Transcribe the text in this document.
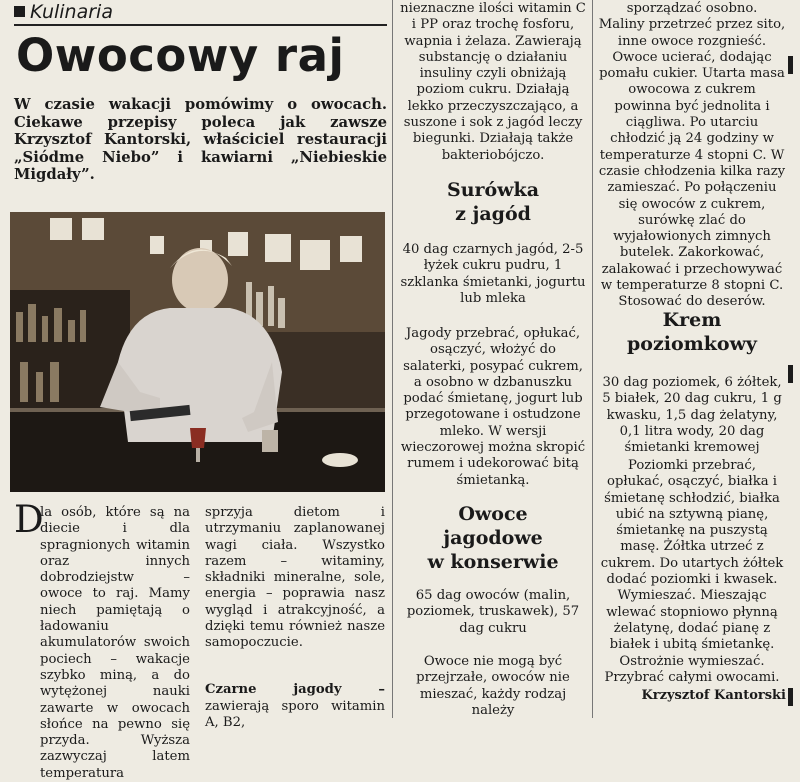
Kulinaria
Owocowy raj
W czasie wakacji pomówimy o owocach. Ciekawe przepisy poleca jak zawsze Krzysztof Kantorski, właściciel restauracji „Siódme Niebo” i kawiarni „Niebieskie Migdały”.
D
la osób, które są na diecie i dla spragnionych witamin oraz innych dobrodziejstw – owoce to raj. Mamy niech pamiętają o ładowaniu akumulatorów swoich pociech – wakacje szybko miną, a do wytężonej nauki zawarte w owocach słońce na pewno się przyda. Wyższa zazwyczaj latem temperatura
sprzyja dietom i utrzymaniu zaplanowanej wagi ciała. Wszystko razem – witaminy, składniki mineralne, sole, energia – poprawia nasz wygląd i atrakcyjność, a dzięki temu również nasze samopoczucie.

Czarne jagody – zawierają sporo witamin A, B2,

nieznaczne ilości witamin C i PP oraz trochę fosforu, wapnia i żelaza. Zawierają substancję o działaniu insuliny czyli obniżają poziom cukru. Działają lekko przeczyszczająco, a suszone i sok z jagód leczy biegunki. Działają także bakteriobójczo.
Surówka
z jagód
40 dag czarnych jagód, 2-5 łyżek cukru pudru, 1 szklanka śmietanki, jogurtu lub mleka
Jagody przebrać, opłukać, osączyć, włożyć do salaterki, posypać cukrem, a osobno w dzbanuszku podać śmietanę, jogurt lub przegotowane i ostudzone mleko. W wersji wieczorowej można skropić rumem i udekorować bitą śmietanką.
Owoce
jagodowe
w konserwie
65 dag owoców (malin, poziomek, truskawek), 57 dag cukru
Owoce nie mogą być przejrzałe, owoców nie mieszać, każdy rodzaj należy
sporządzać osobno.
Maliny przetrzeć przez sito, inne owoce rozgnieść. Owoce ucierać, dodając pomału cukier. Utarta masa owocowa z cukrem powinna być jednolita i ciągliwa. Po utarciu chłodzić ją 24 godziny w temperaturze 4 stopni C. W czasie chłodzenia kilka razy zamieszać. Po połączeniu się owoców z cukrem, surówkę zlać do wyjałowionych zimnych butelek. Zakorkować, zalakować i przechowywać w temperaturze 8 stopni C. Stosować do deserów.
Krem
poziomkowy
30 dag poziomek, 6 żółtek, 5 białek, 20 dag cukru, 1 g kwasku, 1,5 dag żelatyny, 0,1 litra wody, 20 dag śmietanki kremowej
Poziomki przebrać, opłukać, osączyć, białka i śmietanę schłodzić, białka ubić na sztywną pianę, śmietankę na puszystą masę. Żółtka utrzeć z cukrem. Do utartych żółtek dodać poziomki i kwasek. Wymieszać. Mieszając wlewać stopniowo płynną żelatynę, dodać pianę z białek i ubitą śmietankę. Ostrożnie wymieszać. Przybrać całymi owocami.
Krzysztof Kantorski
